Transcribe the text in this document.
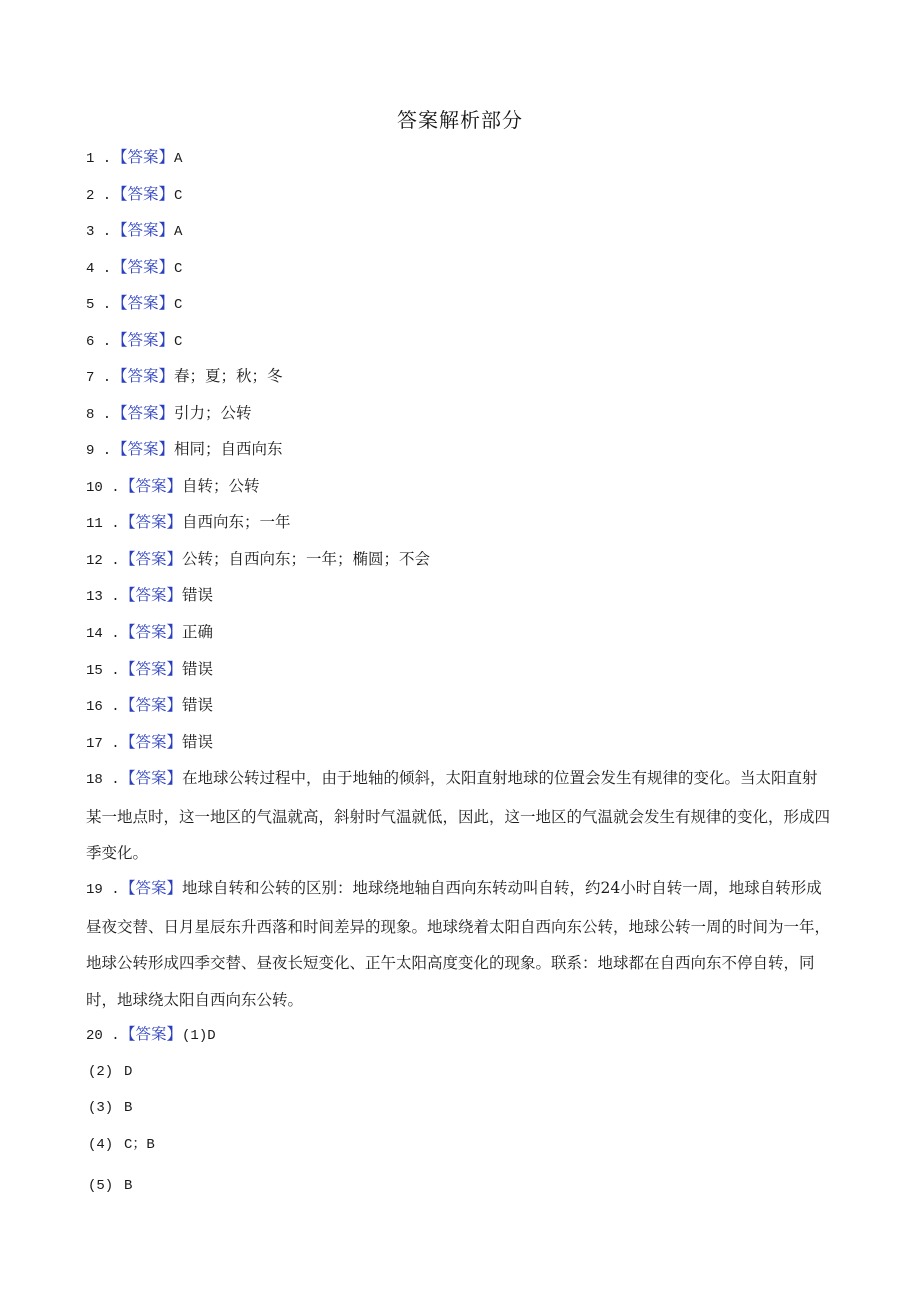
答案解析部分
1 .【答案】A
2 .【答案】C
3 .【答案】A
4 .【答案】C
5 .【答案】C
6 .【答案】C
7 .【答案】春；夏；秋；冬
8 .【答案】引力；公转
9 .【答案】相同；自西向东
10 .【答案】自转；公转
11 .【答案】自西向东；一年
12 .【答案】公转；自西向东；一年；椭圆；不会
13 .【答案】错误
14 .【答案】正确
15 .【答案】错误
16 .【答案】错误
17 .【答案】错误
18 .【答案】在地球公转过程中，由于地轴的倾斜，太阳直射地球的位置会发生有规律的变化。当太阳直射某一地点时，这一地区的气温就高，斜射时气温就低，因此，这一地区的气温就会发生有规律的变化，形成四季变化。
19 .【答案】地球自转和公转的区别：地球绕地轴自西向东转动叫自转，约24小时自转一周，地球自转形成昼夜交替、日月星辰东升西落和时间差异的现象。地球绕着太阳自西向东公转，地球公转一周的时间为一年，地球公转形成四季交替、昼夜长短变化、正午太阳高度变化的现象。联系：地球都在自西向东不停自转，同时，地球绕太阳自西向东公转。
20 .【答案】(1)D
(2) D
(3) B
(4) C；B
(5) B
